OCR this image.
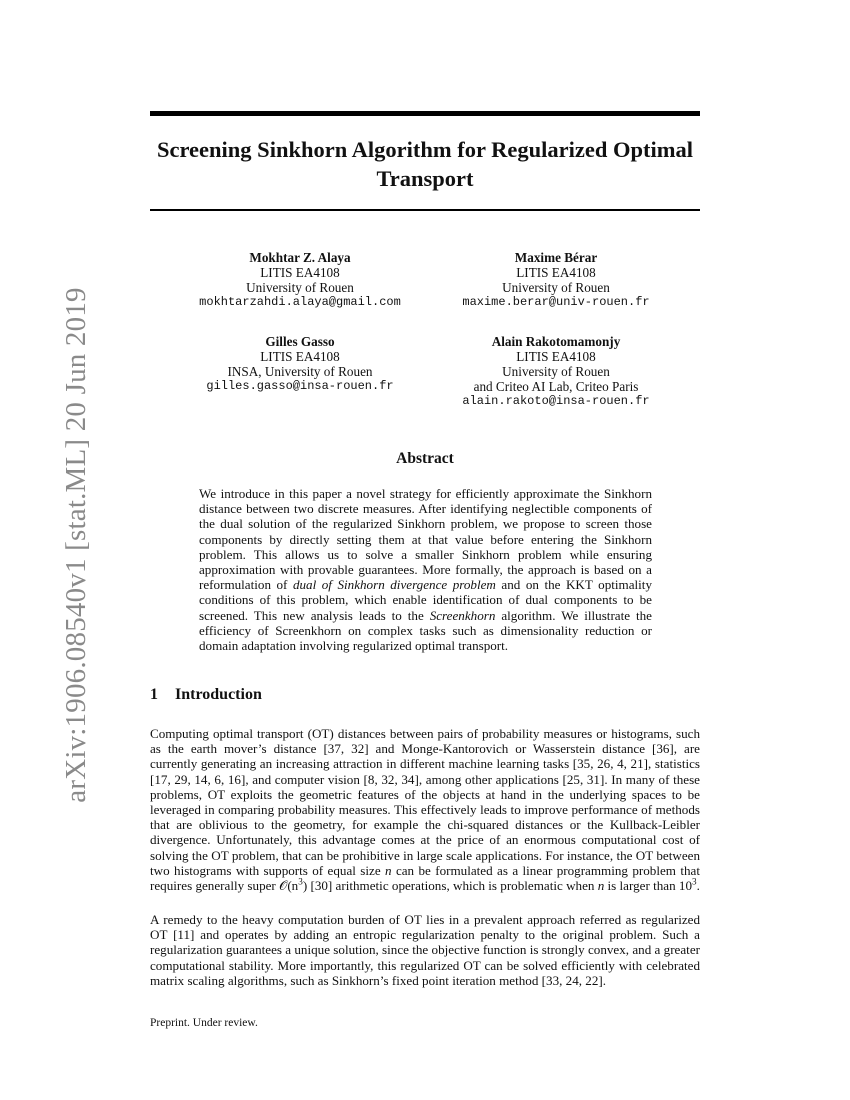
arXiv:1906.08540v1 [stat.ML] 20 Jun 2019
Screening Sinkhorn Algorithm for Regularized Optimal Transport
Mokhtar Z. Alaya
LITIS EA4108
University of Rouen
mokhtarzahdi.alaya@gmail.com
Maxime Bérar
LITIS EA4108
University of Rouen
maxime.berar@univ-rouen.fr
Gilles Gasso
LITIS EA4108
INSA, University of Rouen
gilles.gasso@insa-rouen.fr
Alain Rakotomamonjy
LITIS EA4108
University of Rouen
and Criteo AI Lab, Criteo Paris
alain.rakoto@insa-rouen.fr
Abstract

We introduce in this paper a novel strategy for efficiently approximate the Sinkhorn distance between two discrete measures. After identifying neglectible components of the dual solution of the regularized Sinkhorn problem, we propose to screen those components by directly setting them at that value before entering the Sinkhorn problem. This allows us to solve a smaller Sinkhorn problem while ensuring approximation with provable guarantees. More formally, the approach is based on a reformulation of dual of Sinkhorn divergence problem and on the KKT optimality conditions of this problem, which enable identification of dual components to be screened. This new analysis leads to the Screenkhorn algorithm. We illustrate the efficiency of Screenkhorn on complex tasks such as dimensionality reduction or domain adaptation involving regularized optimal transport.

1 Introduction

Computing optimal transport (OT) distances between pairs of probability measures or histograms, such as the earth mover’s distance [37, 32] and Monge-Kantorovich or Wasserstein distance [36], are currently generating an increasing attraction in different machine learning tasks [35, 26, 4, 21], statistics [17, 29, 14, 6, 16], and computer vision [8, 32, 34], among other applications [25, 31]. In many of these problems, OT exploits the geometric features of the objects at hand in the underlying spaces to be leveraged in comparing probability measures. This effectively leads to improve performance of methods that are oblivious to the geometry, for example the chi-squared distances or the Kullback-Leibler divergence. Unfortunately, this advantage comes at the price of an enormous computational cost of solving the OT problem, that can be prohibitive in large scale applications. For instance, the OT between two histograms with supports of equal size n can be formulated as a linear programming problem that requires generally super $𝒪(n^3)$ [30] arithmetic operations, which is problematic when n is larger than $10^3$.

A remedy to the heavy computation burden of OT lies in a prevalent approach referred as regularized OT [11] and operates by adding an entropic regularization penalty to the original problem. Such a regularization guarantees a unique solution, since the objective function is strongly convex, and a greater computational stability. More importantly, this regularized OT can be solved efficiently with celebrated matrix scaling algorithms, such as Sinkhorn’s fixed point iteration method [33, 24, 22].

Preprint. Under review.
